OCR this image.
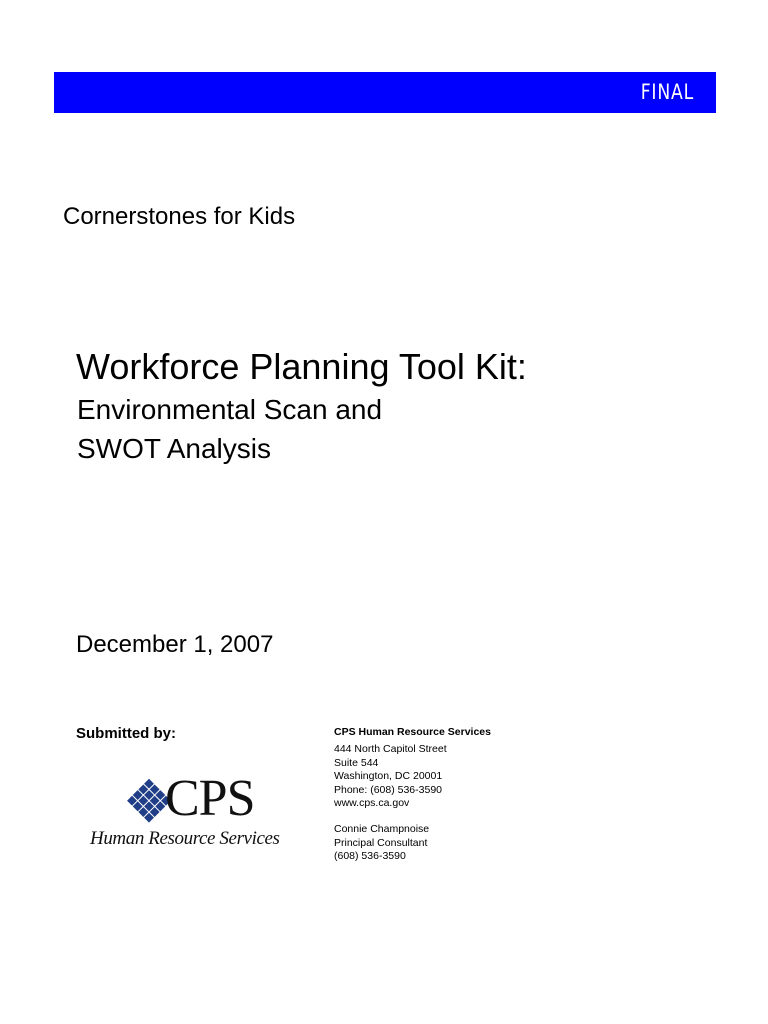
FINAL
Cornerstones for Kids
Workforce Planning Tool Kit:
Environmental Scan and
SWOT Analysis
December 1, 2007
Submitted by:
CPS
Human Resource Services
CPS Human Resource Services
444 North Capitol Street
Suite 544
Washington, DC 20001
Phone: (608) 536-3590
www.cps.ca.gov
Connie Champnoise
Principal Consultant
(608) 536-3590
